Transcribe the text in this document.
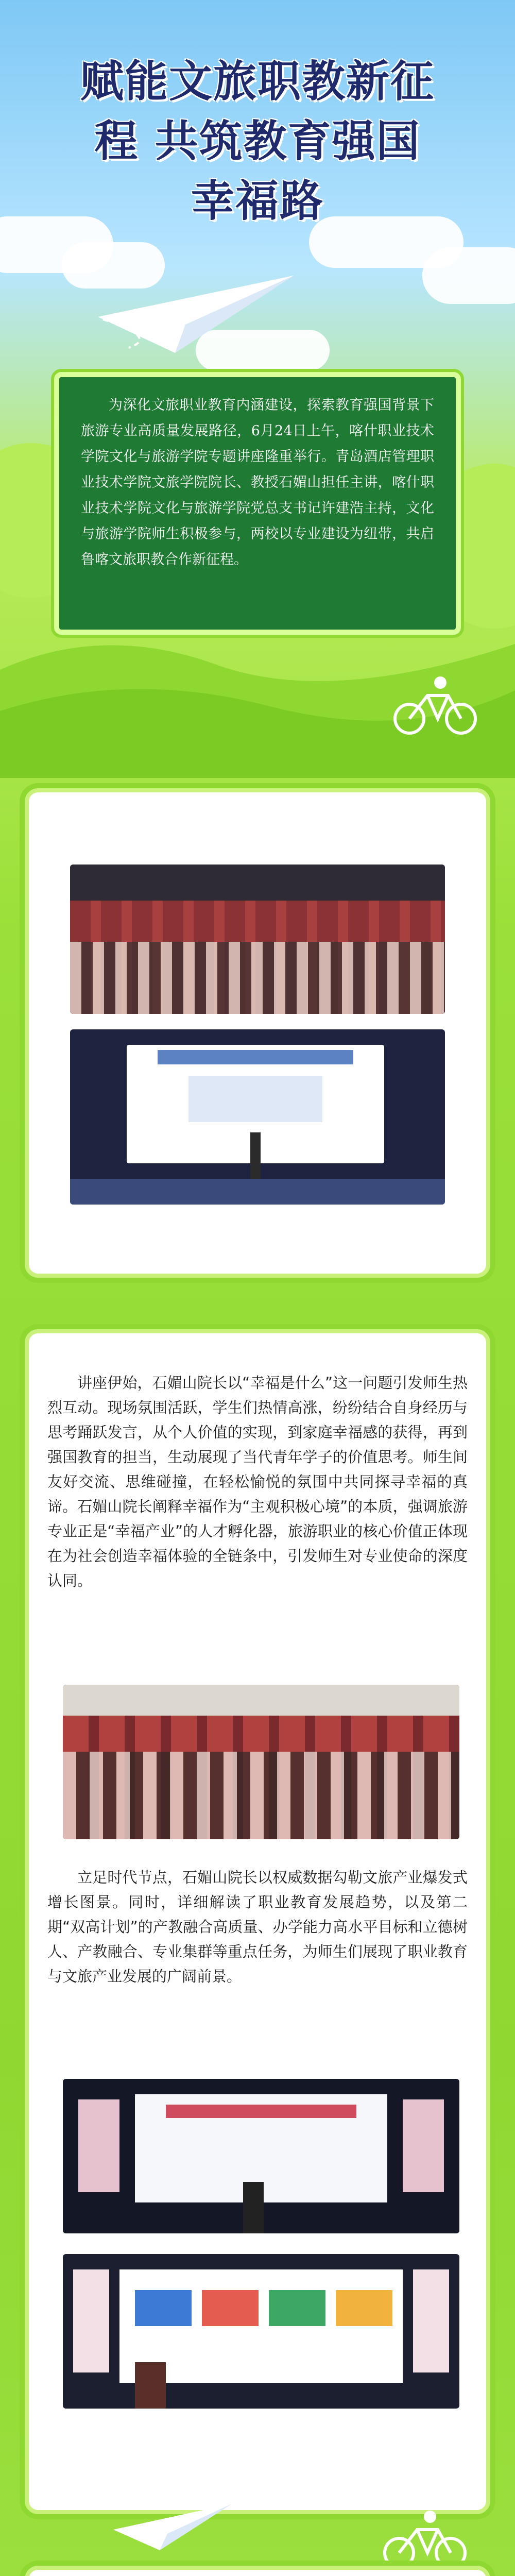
赋能文旅职教新征
程 共筑教育强国
幸福路

为深化文旅职业教育内涵建设，探索教育强国背景下旅游专业高质量发展路径，6月24日上午，喀什职业技术学院文化与旅游学院专题讲座隆重举行。青岛酒店管理职业技术学院文旅学院院长、教授石媚山担任主讲，喀什职业技术学院文化与旅游学院党总支书记许建浩主持，文化与旅游学院师生积极参与，两校以专业建设为纽带，共启鲁喀文旅职教合作新征程。

讲座伊始，石媚山院长以“幸福是什么”这一问题引发师生热烈互动。现场氛围活跃，学生们热情高涨，纷纷结合自身经历与思考踊跃发言，从个人价值的实现，到家庭幸福感的获得，再到强国教育的担当，生动展现了当代青年学子的价值思考。师生间友好交流、思维碰撞，在轻松愉悦的氛围中共同探寻幸福的真谛。石媚山院长阐释幸福作为“主观积极心境”的本质，强调旅游专业正是“幸福产业”的人才孵化器，旅游职业的核心价值正体现在为社会创造幸福体验的全链条中，引发师生对专业使命的深度认同。

立足时代节点，石媚山院长以权威数据勾勒文旅产业爆发式增长图景。同时，详细解读了职业教育发展趋势，以及第二期“双高计划”的产教融合高质量、办学能力高水平目标和立德树人、产教融合、专业集群等重点任务，为师生们展现了职业教育与文旅产业发展的广阔前景。
